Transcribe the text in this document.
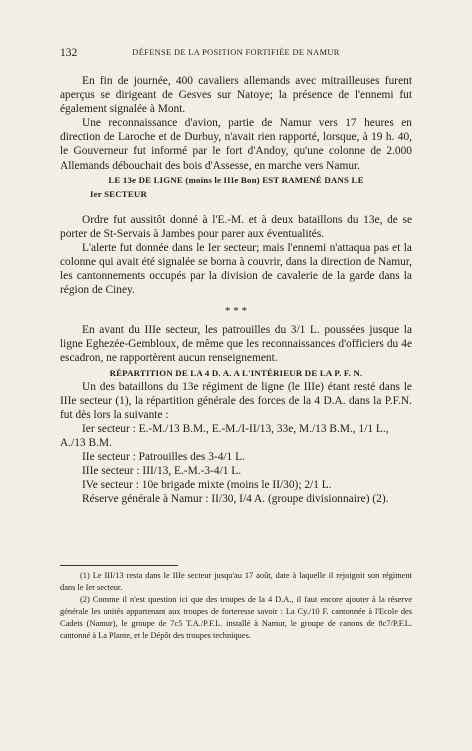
132	DÉFENSE DE LA POSITION FORTIFIÉE DE NAMUR

En fin de journée, 400 cavaliers allemands avec mitrailleuses furent aperçus se dirigeant de Gesves sur Natoye; la présence de l'ennemi fut également signalée à Mont.

Une reconnaissance d'avion, partie de Namur vers 17 heures en direction de Laroche et de Durbuy, n'avait rien rapporté, lorsque, à 19 h. 40, le Gouverneur fut informé par le fort d'Andoy, qu'une colonne de 2.000 Allemands débouchait des bois d'Assesse, en marche vers Namur.

LE 13e DE LIGNE (moins le IIIe Bon) EST RAMENÉ DANS LE
Ier SECTEUR

Ordre fut aussitôt donné à l'E.-M. et à deux bataillons du 13e, de se porter de St-Servais à Jambes pour parer aux éventualités.

L'alerte fut donnée dans le Ier secteur; mais l'ennemi n'attaqua pas et la colonne qui avait été signalée se borna à couvrir, dans la direction de Namur, les cantonnements occupés par la division de cavalerie de la garde dans la région de Ciney.

* * *

En avant du IIIe secteur, les patrouilles du 3/1 L. poussées jusque la ligne Eghezée-Gembloux, de même que les reconnaissances d'officiers du 4e escadron, ne rapportèrent aucun renseignement.

RÉPARTITION DE LA 4 D. A. A L'INTÉRIEUR DE LA P. F. N.

Un des bataillons du 13e régiment de ligne (le IIIe) étant resté dans le IIIe secteur (1), la répartition générale des forces de la 4 D.A. dans la P.F.N. fut dès lors la suivante :

Ier secteur : E.-M./13 B.M., E.-M./I-II/13, 33e, M./13 B.M., 1/1 L.,

A./13 B.M.

IIe secteur : Patrouilles des 3-4/1 L.

IIIe secteur : III/13, E.-M.-3-4/1 L.

IVe secteur : 10e brigade mixte (moins le II/30); 2/1 L.

Réserve générale à Namur : II/30, I/4 A. (groupe divisionnaire) (2).

(1) Le III/13 resta dans le IIIe secteur jusqu'au 17 août, date à laquelle il rejoignit son régiment dans le Ier secteur.

(2) Comme il n'est question ici que des troupes de la 4 D.A., il faut encore ajouter à la réserve générale les unités appartenant aux troupes de forteresse savoir : La Cy./10 F. cantonnée à l'Ecole des Cadets (Namur), le groupe de 7c5 T.A./P.F.L. installé à Namur, le groupe de canons de 8c7/P.F.L. cantonné à La Plante, et le Dépôt des troupes techniques.
